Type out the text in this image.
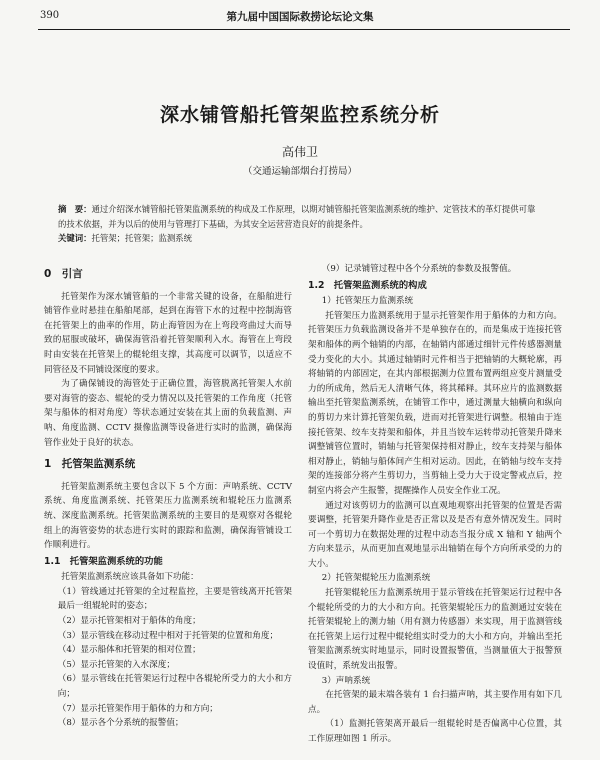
390	第九届中国国际救捞论坛论文集
深水铺管船托管架监控系统分析
高伟卫
（交通运输部烟台打捞局）
摘　要：通过介绍深水铺管船托管架监测系统的构成及工作原理，以期对铺管船托管架监测系统的维护、定管技术的革灯提供可靠的技术依据，并为以后的使用与管理打下基础，为其安全运营营造良好的前提条件。
关键词：托管架；托管架；监测系统
0　引言

托管架作为深水铺管船的一个非常关键的设备，在船舶进行铺管作业时悬挂在船舶尾部，起到在海管下水的过程中控制海管在托管架上的曲率的作用，防止海管因为在上弯段弯曲过大而导致的屈服或破坏，确保海管沿着托管架顺利入水。海管在上弯段时由安装在托管架上的辊轮组支撑，其高度可以调节，以适应不同管径及不同铺设深度的要求。

为了确保铺设的海管处于正确位置，海管脱离托管架人水前要对海管的姿态、辊轮的受力情况以及托管架的工作角度（托管架与船体的相对角度）等状态通过安装在其上面的负载监测、声呐、角度监测、CCTV 摄像监测等设备进行实时的监测，确保海管作业处于良好的状态。

1　托管架监测系统

托管架监测系统主要包含以下 5 个方面：声呐系统、CCTV 系统、角度监测系统、托管架压力监测系统和辊轮压力监测系统、深度监测系统。托管架监测系统的主要目的是观察对各辊轮组上的海管姿势的状态进行实时的跟踪和监测，确保海管铺设工作顺利进行。

1.1　托管架监测系统的功能

托管架监测系统应该具备如下功能：

（1）管线通过托管架的全过程监控，主要是管线离开托管架最后一组辊轮时的姿态；

（2）显示托管架相对于船体的角度；

（3）显示管线在移动过程中相对于托管架的位置和角度；

（4）显示船体和托管架的相对位置；

（5）显示托管架的入水深度；

（6）显示管线在托管架运行过程中各辊轮所受力的大小和方向；

（7）显示托管架作用于船体的力和方向；

（8）显示各个分系统的报警值；

（9）记录铺管过程中各个分系统的参数及报警值。

1.2　托管架监测系统的构成

1）托管架压力监测系统

托管架压力监测系统用于显示托管架作用于船体的力和方向。托管架压力负载监测设备并不是单独存在的，而是集成于连接托管架和船体的两个轴销的内部，在轴销内部通过细针元件传感器测量受力变化的大小。其通过轴销时元件相当于把轴销的大概轮廓，再将轴销的内部固定，在其内部根据测力位置布置两组应变片测量受力的所成角，然后无人清晰气体，将其稀释。其环应片的监测数据输出至托管架监测系统，在铺管工作中，通过测量大轴横向和纵向的剪切力来计算托管架负载，进而对托管架进行调整。根轴由于连接托管架、绞车支持架和船体，并且当铰车运转带动托管架升降来调整铺管位置时，销轴与托管架保持相对静止，绞车支持架与船体相对静止，销轴与船体间产生相对运动。因此，在销轴与绞车支持架的连接部分将产生剪切力，当剪轴上受力大于设定警戒点后，控制室内将会产生报警，提醒操作人员安全作业工况。

通过对该剪切力的监测可以直观地观察出托管架的位置是否需要调整，托管架升降作业是否正常以及是否有意外情况发生。同时可一个剪切力在数据处理的过程中动态当报分成 X 轴和 Y 轴两个方向来显示，从而更加直观地显示出轴销在每个方向所承受的力的大小。

2）托管架辊轮压力监测系统

托管架辊轮压力监测系统用于显示管线在托管架运行过程中各个辊轮所受的力的大小和方向。托管架辊轮压力的监测通过安装在托管架辊轮上的测力轴（用有测力传感器）来实现，用于监测管线在托管架上运行过程中辊轮组实时受力的大小和方向，并输出至托管架监测系统实时地显示，同时设置报警值，当测量值大于报警预设值时，系统发出报警。

3）声呐系统

在托管架的最末端各装有 1 台扫描声呐，其主要作用有如下几点。

（1）监测托管架离开最后一组辊轮时是否偏离中心位置，其工作原理如图 1 所示。
